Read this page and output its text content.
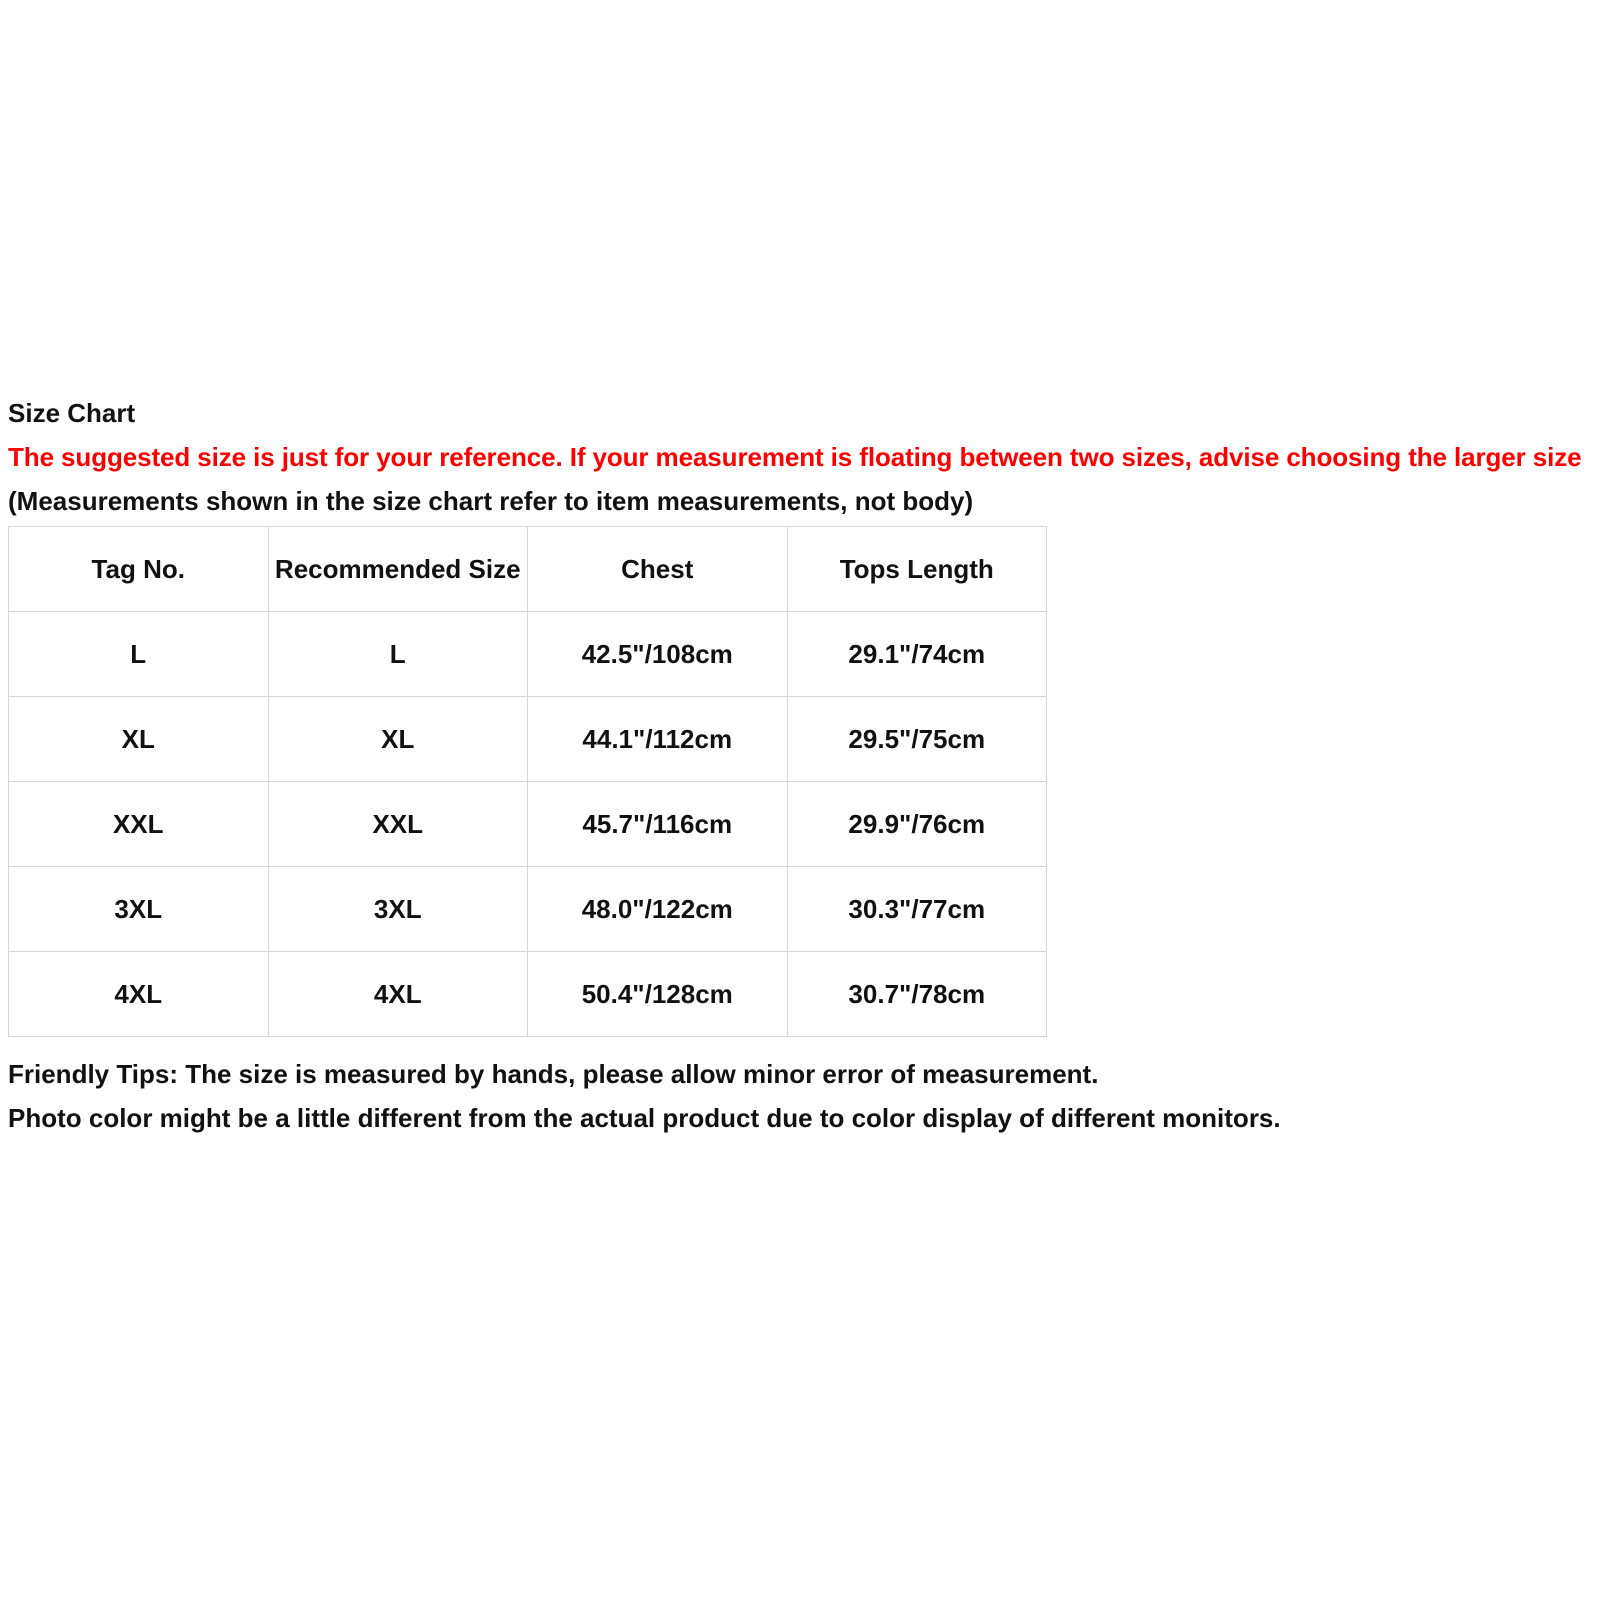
Size Chart
The suggested size is just for your reference. If your measurement is floating between two sizes, advise choosing the larger size
(Measurements shown in the size chart refer to item measurements, not body)
Tag No.	Recommended Size	Chest	Tops Length
L	L	42.5"/108cm	29.1"/74cm
XL	XL	44.1"/112cm	29.5"/75cm
XXL	XXL	45.7"/116cm	29.9"/76cm
3XL	3XL	48.0"/122cm	30.3"/77cm
4XL	4XL	50.4"/128cm	30.7"/78cm
Friendly Tips: The size is measured by hands, please allow minor error of measurement.
Photo color might be a little different from the actual product due to color display of different monitors.
